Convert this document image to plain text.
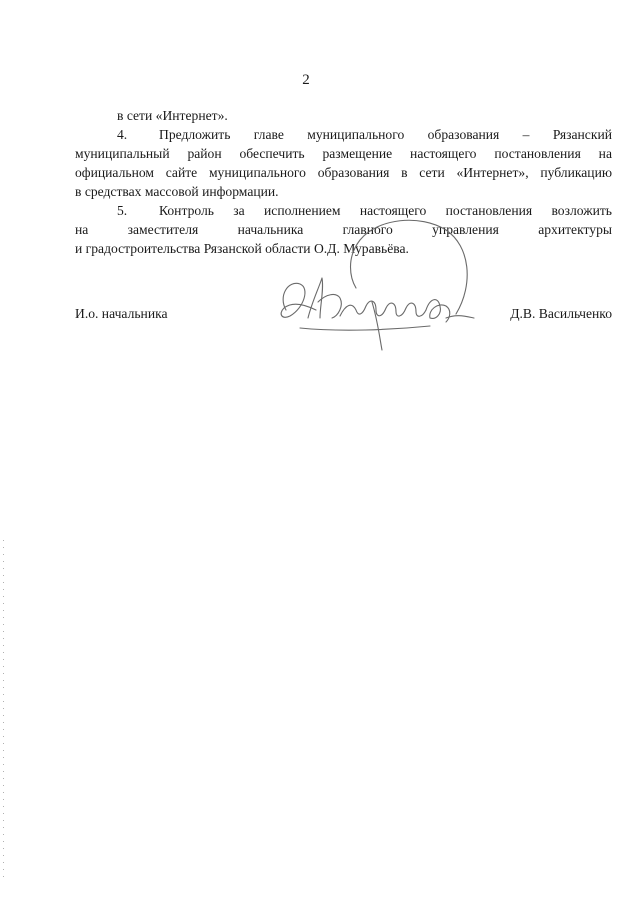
2
в сети «Интернет».
4. Предложить главе муниципального образования – Рязанский
муниципальный район обеспечить размещение настоящего постановления на
официальном сайте муниципального образования в сети «Интернет», публикацию
в средствах массовой информации.
5. Контроль за исполнением настоящего постановления возложить
на заместителя начальника главного управления архитектуры
и градостроительства Рязанской области О.Д. Муравьёва.
И.о. начальника	Д.В. Васильченко
